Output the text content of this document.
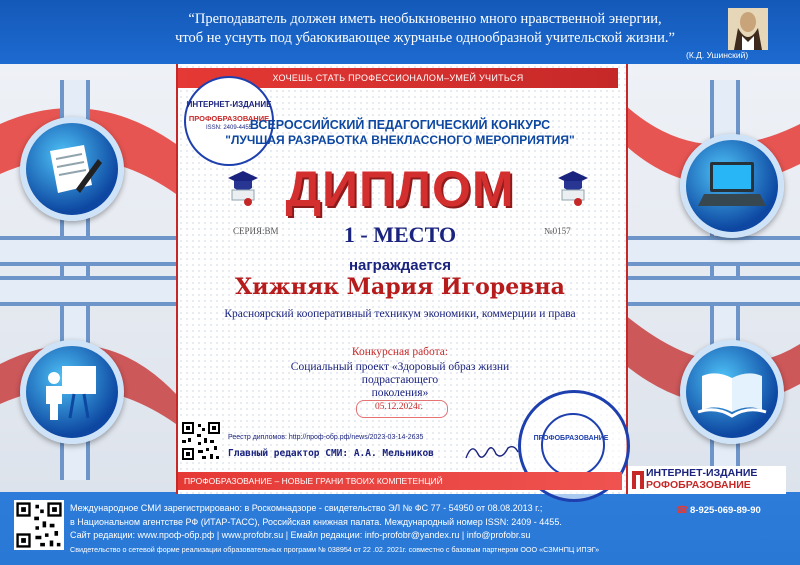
“Преподаватель должен иметь необыкновенно много нравственной энергии,
чтоб не уснуть под убаюкивающее журчанье однообразной учительской жизни.”
(К.Д. Ушинский)
ХОЧЕШЬ СТАТЬ ПРОФЕССИОНАЛОМ–УМЕЙ УЧИТЬСЯ
ИНТЕРНЕТ-ИЗДАНИЕ
ПРОФОБРАЗОВАНИЕ
ISSN: 2409-4455
ВСЕРОССИЙСКИЙ ПЕДАГОГИЧЕСКИЙ КОНКУРС
"ЛУЧШАЯ РАЗРАБОТКА ВНЕКЛАССНОГО МЕРОПРИЯТИЯ"
ДИПЛОМ
СЕРИЯ:ВМ	№0157
1 - МЕСТО
награждается
Хижняк Мария Игоревна
Красноярский кооперативный техникум экономики, коммерции и права
Конкурсная работа:
Социальный проект «Здоровый образ жизни подрастающего
поколения»
05.12.2024г.
Реестр дипломов: http://проф-обр.рф/news/2023-03-14-2635
Главный редактор СМИ: А.А. Мельников
ПРОФОБРАЗОВАНИЕ
ПРОФОБРАЗОВАНИЕ – НОВЫЕ ГРАНИ ТВОИХ КОМПЕТЕНЦИЙ
ИНТЕРНЕТ-ИЗДАНИЕ
РОФОБРАЗОВАНИЕ
☎ 8-925-069-89-90
Международное СМИ зарегистрировано: в Роскомнадзоре - свидетельство ЭЛ № ФС 77 - 54950 от 08.08.2013 г.;
в Национальном агентстве РФ (ИТАР-ТАСС), Российская книжная палата. Международный номер ISSN: 2409 - 4455.
Сайт редакции: www.проф-обр.рф | www.profobr.su | Емайл редакции: info-profobr@yandex.ru | info@profobr.su
Свидетельство о сетевой форме реализации образовательных программ № 038954 от 22 .02. 2021г. совместно с базовым партнером ООО «СЗМНПЦ ИПЭГ»
